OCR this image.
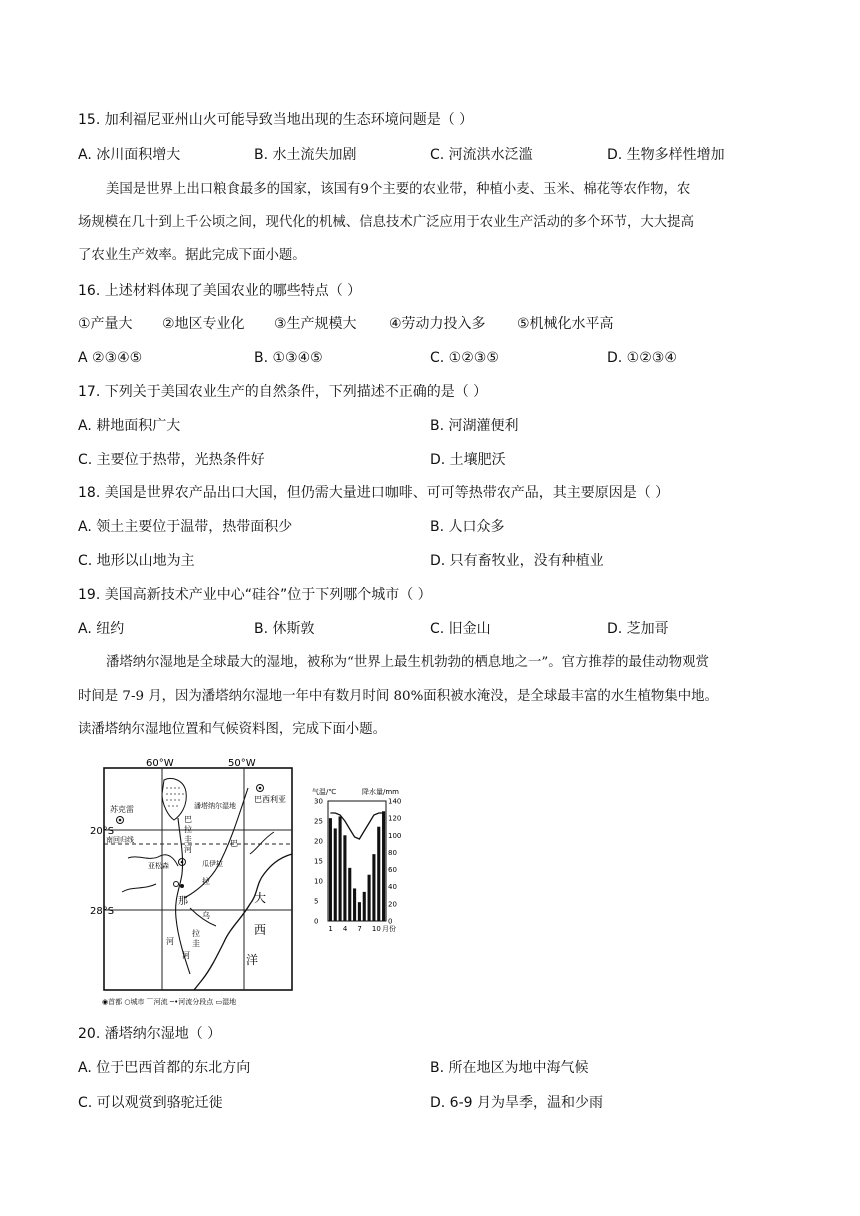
15. 加利福尼亚州山火可能导致当地出现的生态环境问题是（ ）
A. 冰川面积增大	B. 水土流失加剧	C. 河流洪水泛滥	D. 生物多样性增加
美国是世界上出口粮食最多的国家，该国有9个主要的农业带，种植小麦、玉米、棉花等农作物，农
场规模在几十到上千公顷之间，现代化的机械、信息技术广泛应用于农业生产活动的多个环节，大大提高
了农业生产效率。据此完成下面小题。
16. 上述材料体现了美国农业的哪些特点（ ）
①产量大 ②地区专业化 ③生产规模大 ④劳动力投入多 ⑤机械化水平高
A ②③④⑤	B. ①③④⑤	C. ①②③⑤	D. ①②③④
17. 下列关于美国农业生产的自然条件，下列描述不正确的是（ ）
A. 耕地面积广大	B. 河湖灌便利
C. 主要位于热带，光热条件好	D. 土壤肥沃
18. 美国是世界农产品出口大国，但仍需大量进口咖啡、可可等热带农产品，其主要原因是（ ）
A. 领土主要位于温带，热带面积少	B. 人口众多
C. 地形以山地为主	D. 只有畜牧业，没有种植业
19. 美国高新技术产业中心“硅谷”位于下列哪个城市（ ）
A. 纽约	B. 休斯敦	C. 旧金山	D. 芝加哥
潘塔纳尔湿地是全球最大的湿地，被称为“世界上最生机勃勃的栖息地之一”。官方推荐的最佳动物观赏
时间是 7-9 月，因为潘塔纳尔湿地一年中有数月时间 80%面积被水淹没，是全球最丰富的水生植物集中地。
读潘塔纳尔湿地位置和气候资料图，完成下面小题。
60°W	50°W
20°S
28°S
巴西利亚
潘塔纳尔湿地
苏克雷
南回归线
亚松森	瓜伊拉
巴
拉
圭
河
巴
拉
那
乌
拉
圭
河
河
大
西
洋
◉首都 ○城市 ⌒河流 ─•河流分段点 ▭湿地
气温/℃	降水量/mm
30
25
20
15
10
5
0
140
120
100
80
60
40
20
0
1 4 7 10 月份
20. 潘塔纳尔湿地（ ）
A. 位于巴西首都的东北方向	B. 所在地区为地中海气候
C. 可以观赏到骆驼迁徙	D. 6-9 月为旱季，温和少雨
